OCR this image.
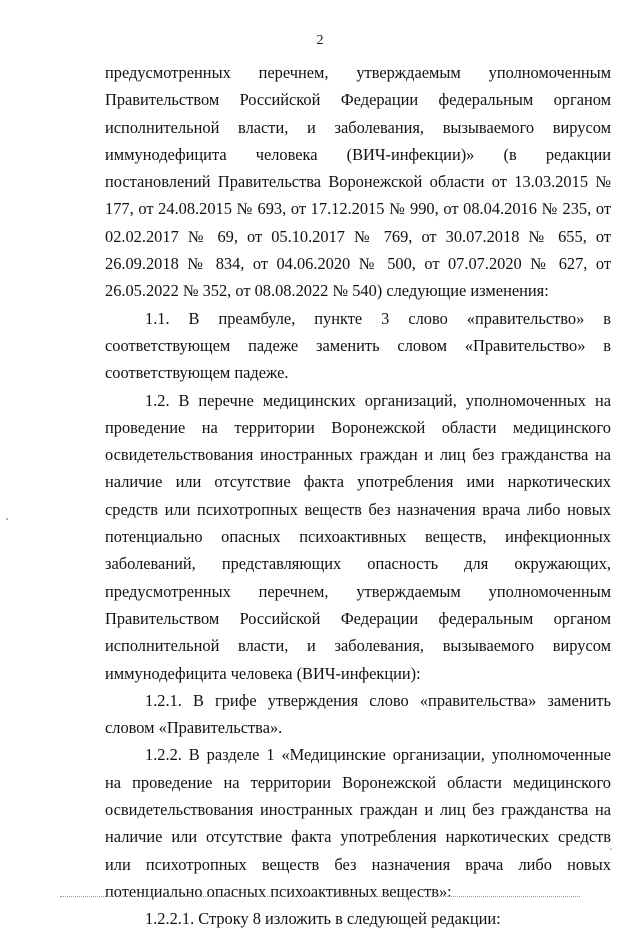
2

предусмотренных перечнем, утверждаемым уполномоченным Правительством Российской Федерации федеральным органом исполнительной власти, и заболевания, вызываемого вирусом иммунодефицита человека (ВИЧ-инфекции)» (в редакции постановлений Правительства Воронежской области от 13.03.2015 № 177, от 24.08.2015 № 693, от 17.12.2015 № 990, от 08.04.2016 № 235, от 02.02.2017 № 69, от 05.10.2017 № 769, от 30.07.2018 № 655, от 26.09.2018 № 834, от 04.06.2020 № 500, от 07.07.2020 № 627, от 26.05.2022 № 352, от 08.08.2022 № 540) следующие изменения:

1.1. В преамбуле, пункте 3 слово «правительство» в соответствующем падеже заменить словом «Правительство» в соответствующем падеже.

1.2. В перечне медицинских организаций, уполномоченных на проведение на территории Воронежской области медицинского освидетельствования иностранных граждан и лиц без гражданства на наличие или отсутствие факта употребления ими наркотических средств или психотропных веществ без назначения врача либо новых потенциально опасных психоактивных веществ, инфекционных заболеваний, представляющих опасность для окружающих, предусмотренных перечнем, утверждаемым уполномоченным Правительством Российской Федерации федеральным органом исполнительной власти, и заболевания, вызываемого вирусом иммунодефицита человека (ВИЧ-инфекции):

1.2.1. В грифе утверждения слово «правительства» заменить словом «Правительства».

1.2.2. В разделе 1 «Медицинские организации, уполномоченные на проведение на территории Воронежской области медицинского освидетельствования иностранных граждан и лиц без гражданства на наличие или отсутствие факта употребления наркотических средств или психотропных веществ без назначения врача либо новых потенциально опасных психоактивных веществ»:

1.2.2.1. Строку 8 изложить в следующей редакции:
